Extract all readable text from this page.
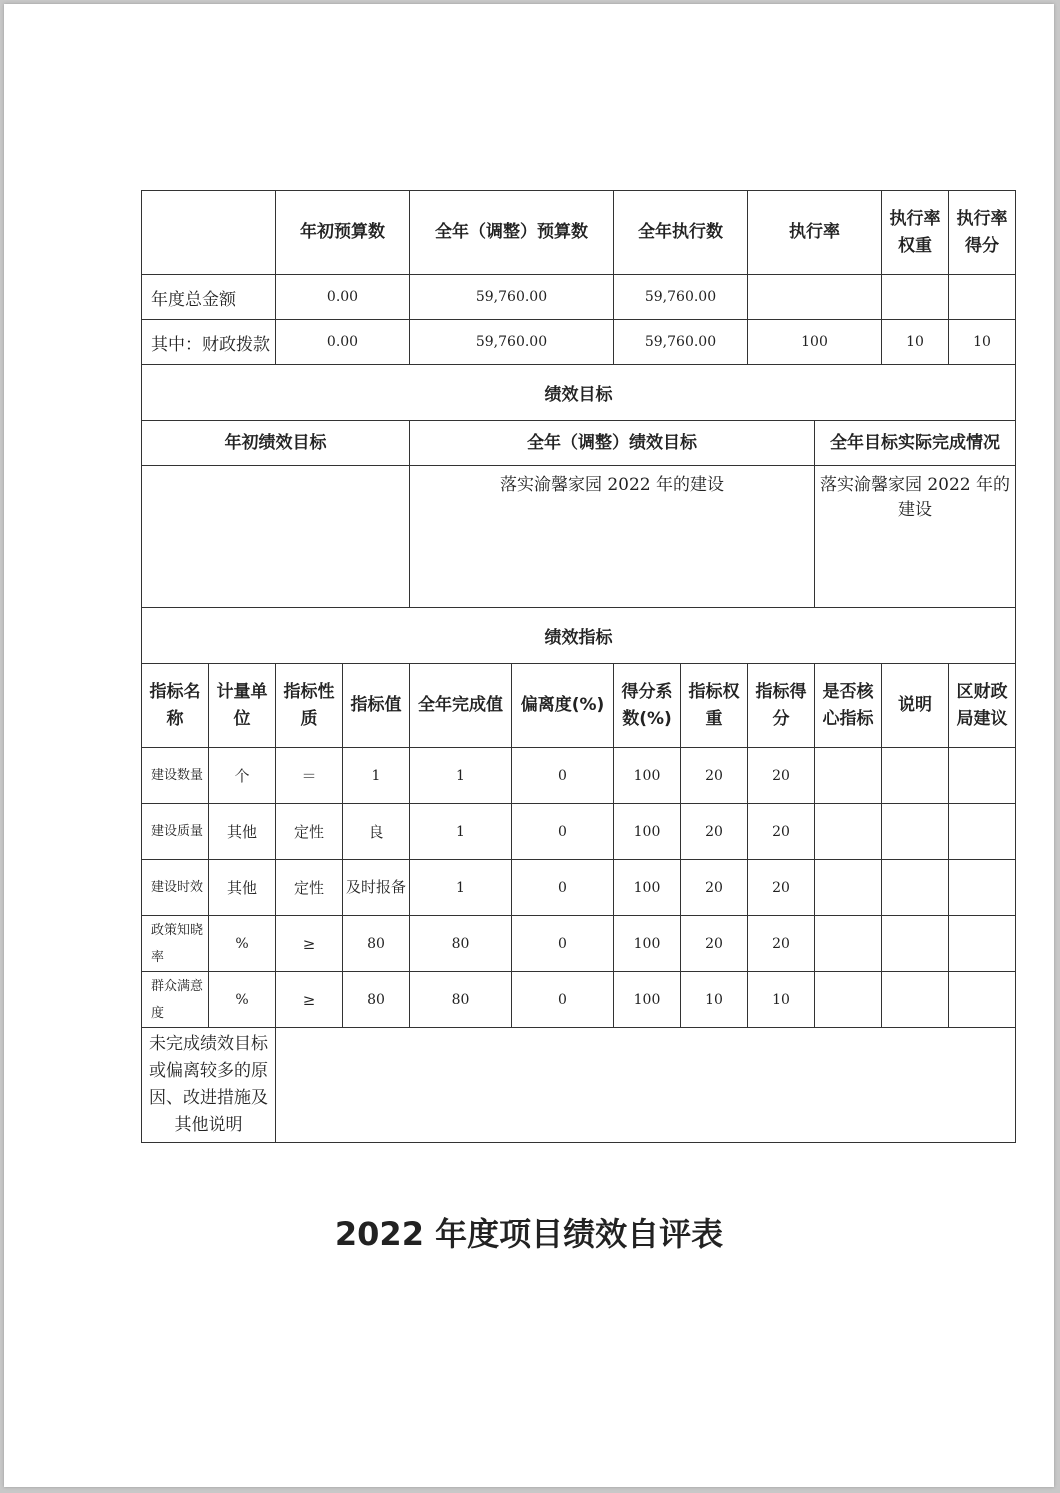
		年初预算数		全年（调整）预算数		全年执行数		执行率		执行率权重	执行率得分
年度总金额		0.00		59,760.00		59,760.00					
其中：财政拨款		0.00		59,760.00		59,760.00		100		10	10
绩效目标											
年初绩效目标				全年（调整）绩效目标					全年目标实际完成情况		
				落实渝馨家园 2022 年的建设					落实渝馨家园 2022 年的建设		
绩效指标											
指标名称	计量单位	指标性质	指标值	全年完成值	偏离度(%)	得分系数(%)	指标权重	指标得分	是否核心指标	说明	区财政局建议
建设数量	个	＝	1	1	0	100	20	20			
建设质量	其他	定性	良	1	0	100	20	20			
建设时效	其他	定性	及时报备	1	0	100	20	20			
政策知晓率	%	≥	80	80	0	100	20	20			
群众满意度	%	≥	80	80	0	100	10	10			
未完成绩效目标或偏离较多的原因、改进措施及其他说明											
2022 年度项目绩效自评表
